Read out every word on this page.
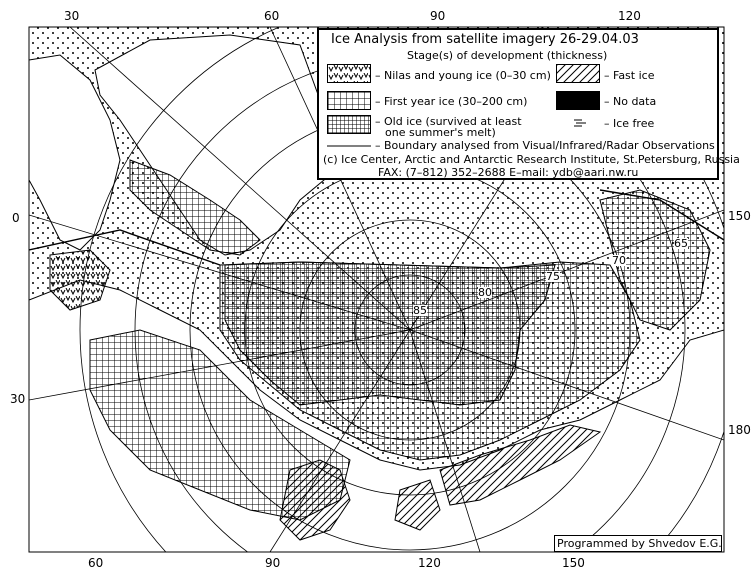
30	60	90	120
60	90	120	150
0
30
150
180
85
80
75
70
65
Ice Analysis from satellite imagery 26-29.04.03
Stage(s) of development (thickness)
– Nilas and young ice (0–30 cm)
– First year ice (30–200 cm)
– Old ice (survived at least
one summer's melt)
– Fast ice
– No data
– Ice free
– Boundary analysed from Visual/Infrared/Radar Observations
(c) Ice Center, Arctic and Antarctic Research Institute, St.Petersburg, Russia
FAX: (7–812) 352–2688 E–mail: ydb@aari.nw.ru
Programmed by Shvedov E.G.
